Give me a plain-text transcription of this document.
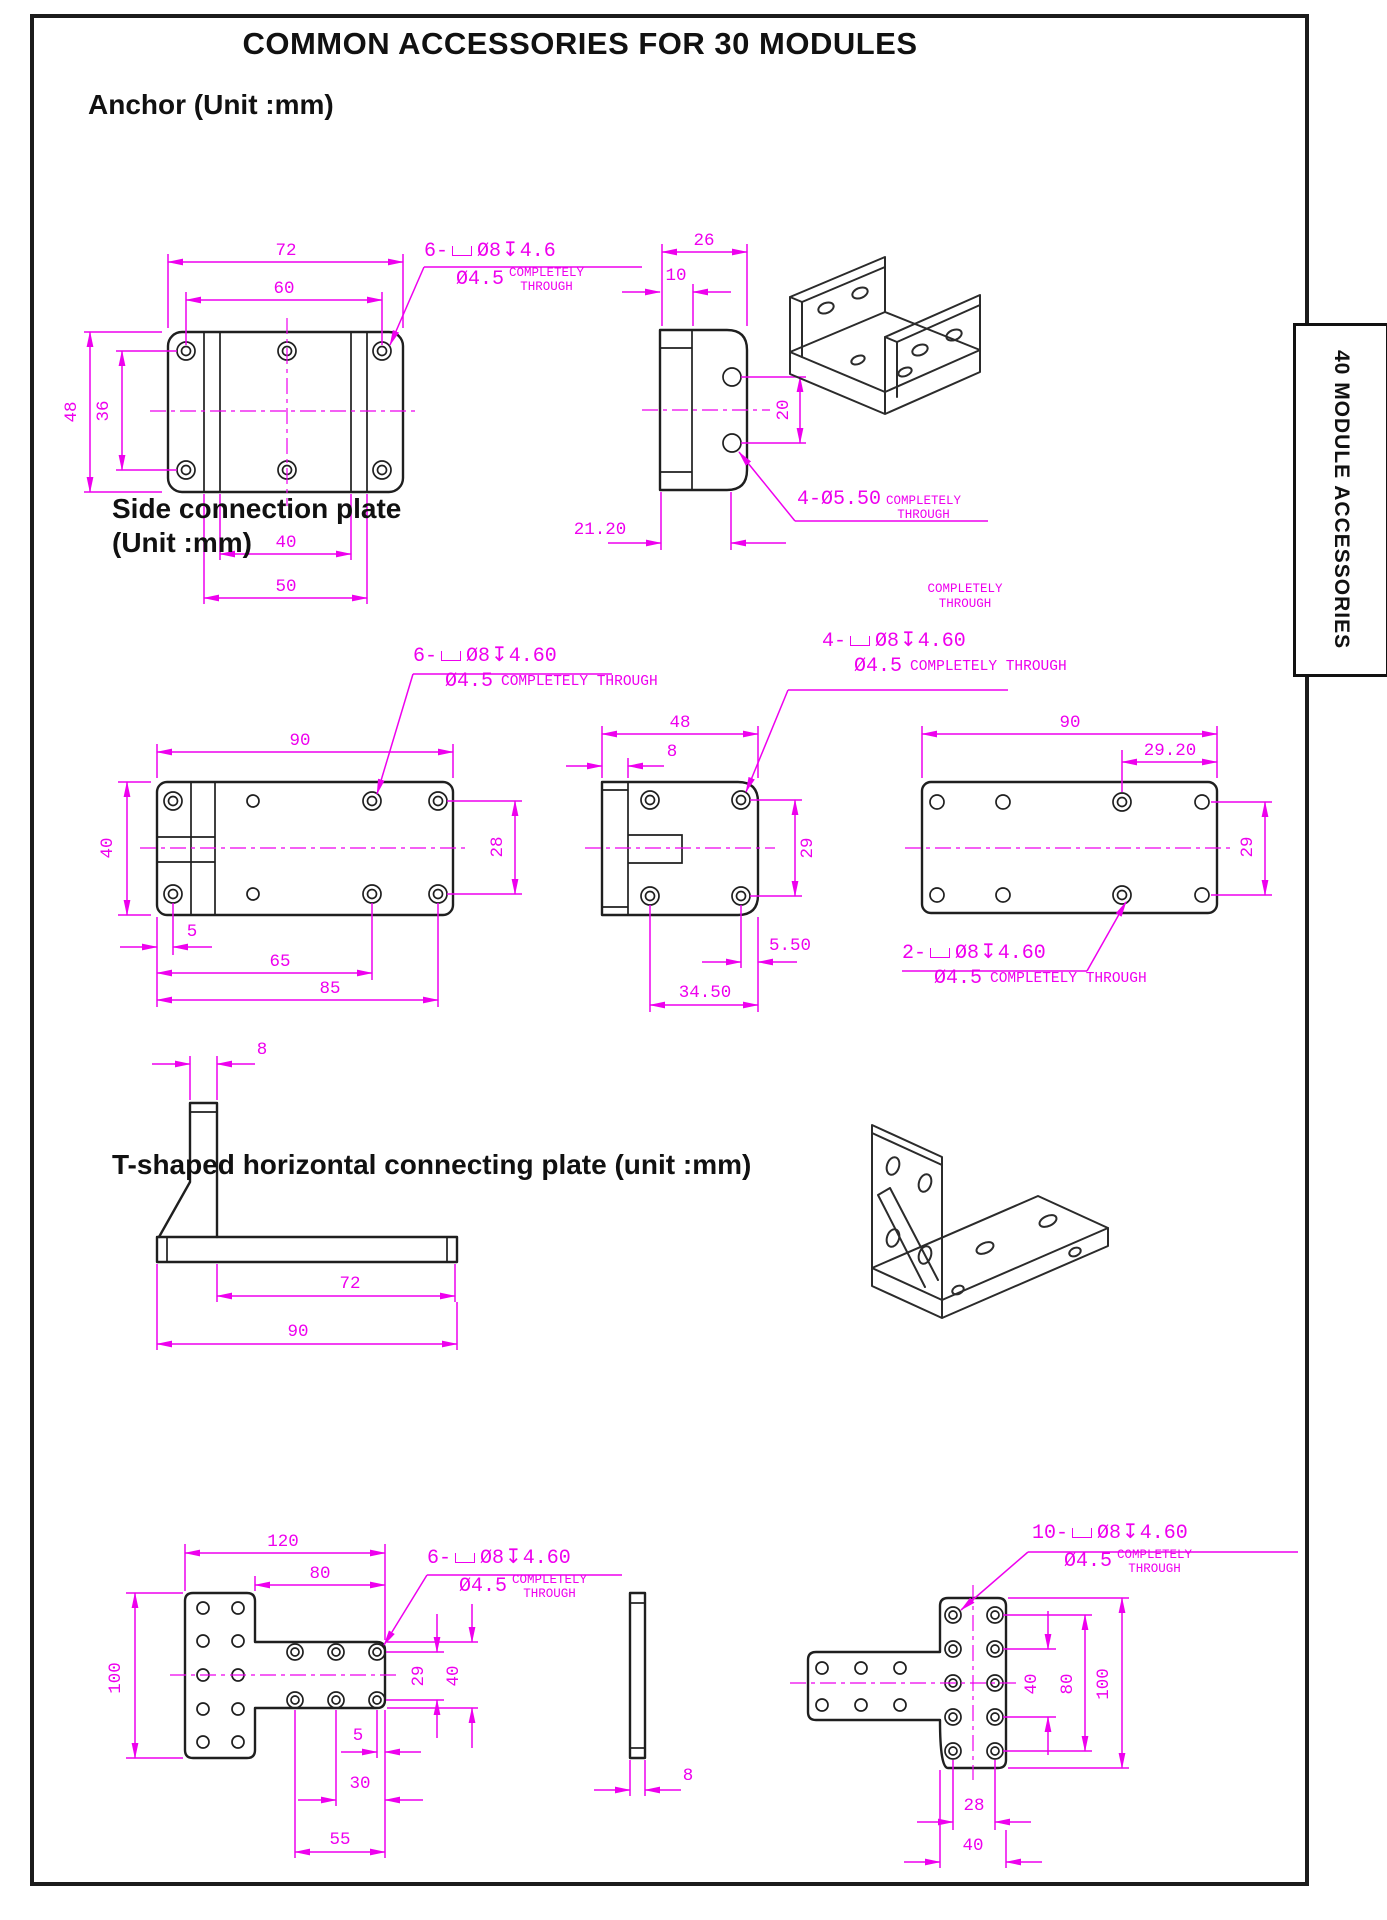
72
60
48 36
40
50
26
10
20
21.20
90
40	28
5
65
85
48
8
29
5.50
34.50
90
29.20
29
8
72
90
120
80
100	29 40
5
30
55
8
40 80 100
28
40
COMMON ACCESSORIES FOR 30 MODULES
Anchor (Unit :mm)
Side connection plate
(Unit :mm)
T-shaped horizontal connecting plate (unit :mm)
40 MODULE ACCESSORIES
6- Ø8 ↧ 4.6
Ø4.5 COMPLETELY
THROUGH
4-Ø5.50 COMPLETELY
THROUGH
6- Ø8 ↧ 4.60
Ø4.5 COMPLETELY THROUGH
COMPLETELY
THROUGH
4- Ø8 ↧ 4.60
Ø4.5 COMPLETELY THROUGH
2- Ø8 ↧ 4.60
Ø4.5 COMPLETELY THROUGH
6- Ø8 ↧ 4.60
Ø4.5 COMPLETELY
THROUGH
10- Ø8 ↧ 4.60
Ø4.5 COMPLETELY
THROUGH
